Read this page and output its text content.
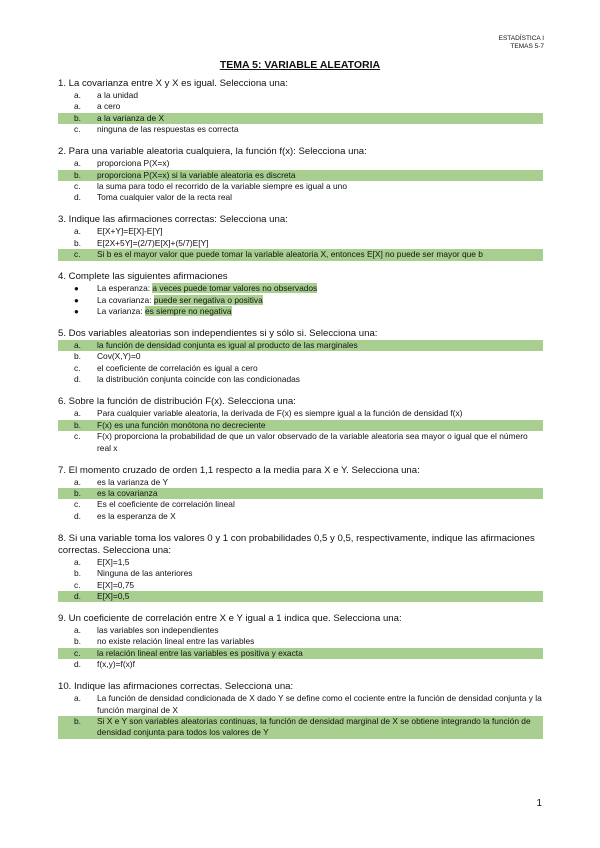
ESTADÍSTICA I
TEMAS 5-7
TEMA 5: VARIABLE ALEATORIA
1. La covarianza entre X y X es igual. Selecciona una:
a.	a la unidad
a.	a cero
b.	a la varianza de X
c.	ninguna de las respuestas es correcta
2. Para una variable aleatoria cualquiera, la función f(x): Selecciona una:
a.	proporciona P(X=x)
b.	proporciona P(X=x) si la variable aleatoria es discreta
c.	la suma para todo el recorrido de la variable siempre es igual a uno
d.	Toma cualquier valor de la recta real
3. Indique las afirmaciones correctas: Selecciona una:
a.	E[X+Y]=E[X]-E[Y]
b.	E[2X+5Y]=(2/7)E[X]+(5/7)E[Y]
c.	Si b es el mayor valor que puede tomar la variable aleatoria X, entonces E[X] no puede ser mayor que b
4. Complete las siguientes afirmaciones
●	La esperanza: a veces puede tomar valores no observados
●	La covarianza: puede ser negativa o positiva
●	La varianza: es siempre no negativa
5. Dos variables aleatorias son independientes si y sólo si. Selecciona una:
a.	la función de densidad conjunta es igual al producto de las marginales
b.	Cov(X,Y)=0
c.	el coeficiente de correlación es igual a cero
d.	la distribución conjunta coincide con las condicionadas
6. Sobre la función de distribución F(x). Selecciona una:
a.	Para cualquier variable aleatoria, la derivada de F(x) es siempre igual a la función de densidad f(x)
b.	F(x) es una función monótona no decreciente
c.	F(x) proporciona la probabilidad de que un valor observado de la variable aleatoria sea mayor o igual que el número real x
7. El momento cruzado de orden 1,1 respecto a la media para X e Y. Selecciona una:
a.	es la varianza de Y
b.	es la covarianza
c.	Es el coeficiente de correlación lineal
d.	es la esperanza de X
8. Si una variable toma los valores 0 y 1 con probabilidades 0,5 y 0,5, respectivamente, indique las afirmaciones correctas. Selecciona una:
a.	E[X]=1,5
b.	Ninguna de las anteriores
c.	E[X]=0,75
d.	E[X]=0,5
9. Un coeficiente de correlación entre X e Y igual a 1 indica que. Selecciona una:
a.	las variables son independientes
b.	no existe relación lineal entre las variables
c.	la relación lineal entre las variables es positiva y exacta
d.	f(x,y)=f(x)f
10. Indique las afirmaciones correctas. Selecciona una:
a.	La función de densidad condicionada de X dado Y se define como el cociente entre la función de densidad conjunta y la función marginal de X
b.	Si X e Y son variables aleatorias continuas, la función de densidad marginal de X se obtiene integrando la función de densidad conjunta para todos los valores de Y
1
